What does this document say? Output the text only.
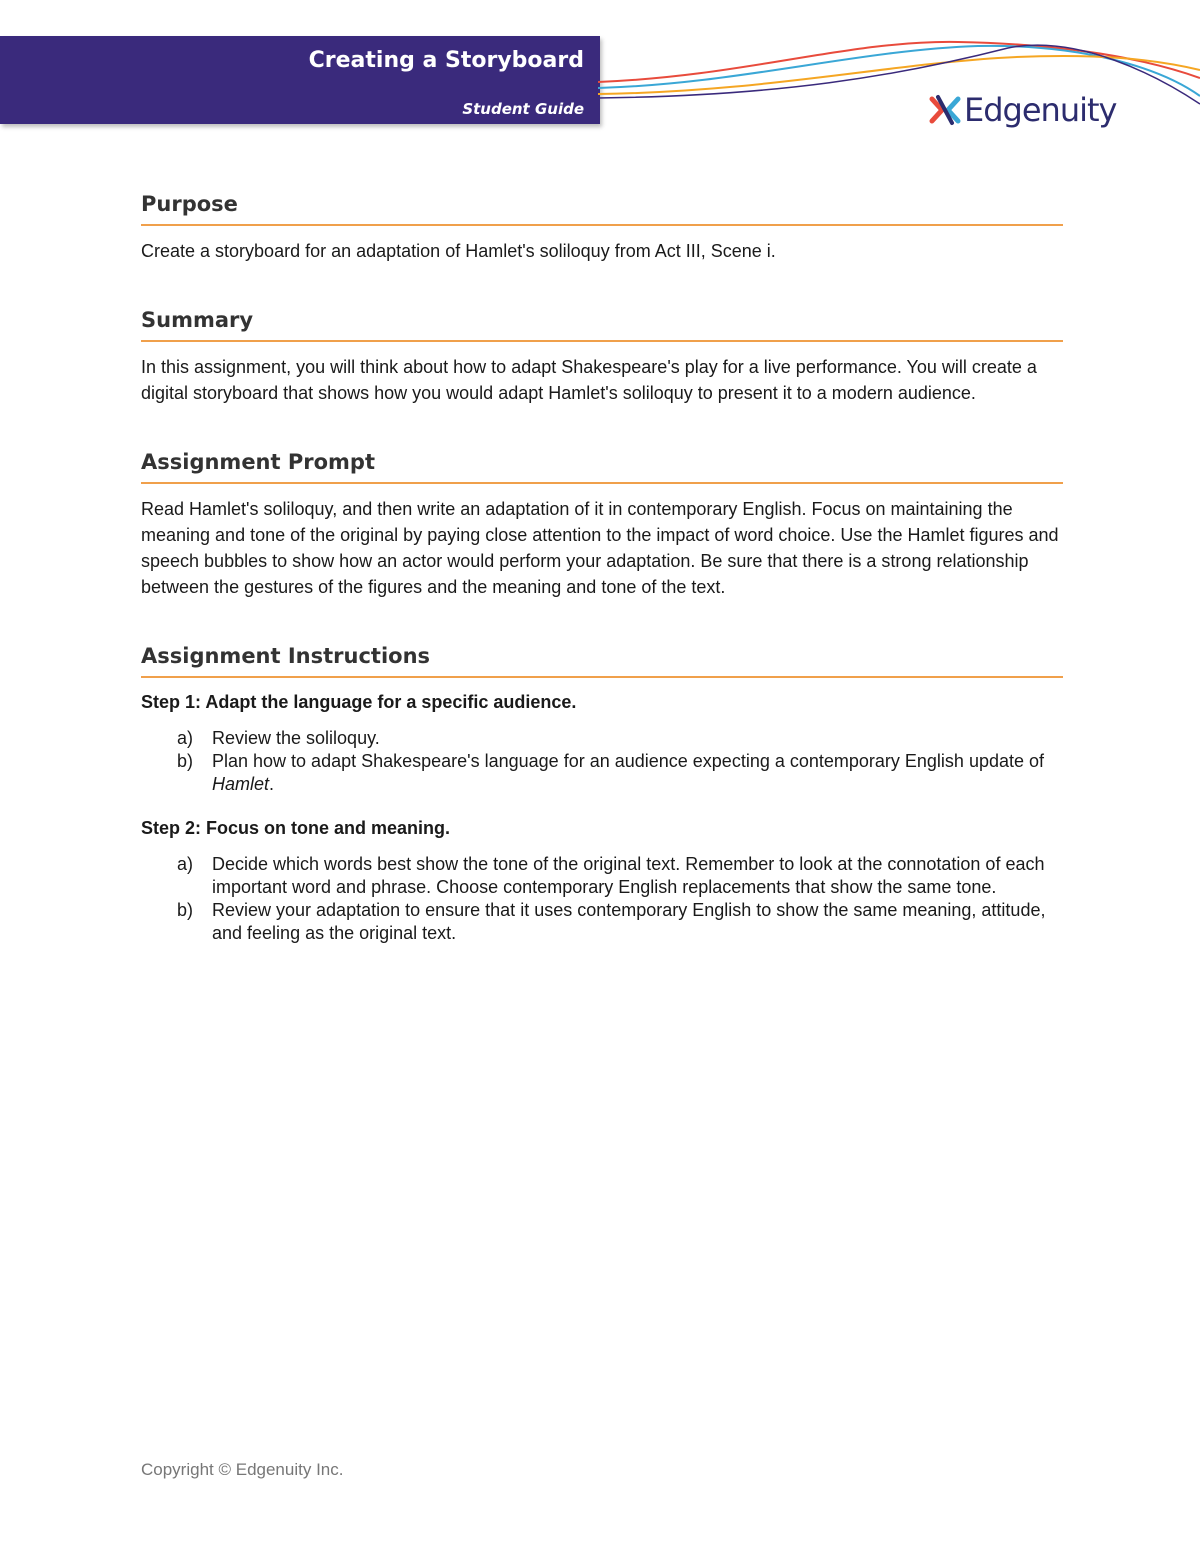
Creating a Storyboard
Student Guide	Edgenuity
Purpose

Create a storyboard for an adaptation of Hamlet's soliloquy from Act III, Scene i.

Summary

In this assignment, you will think about how to adapt Shakespeare's play for a live performance. You will create a digital storyboard that shows how you would adapt Hamlet's soliloquy to present it to a modern audience.

Assignment Prompt

Read Hamlet's soliloquy, and then write an adaptation of it in contemporary English. Focus on maintaining the meaning and tone of the original by paying close attention to the impact of word choice. Use the Hamlet figures and speech bubbles to show how an actor would perform your adaptation. Be sure that there is a strong relationship between the gestures of the figures and the meaning and tone of the text.

Assignment Instructions
Step 1: Adapt the language for a specific audience.
a)	Review the soliloquy.
b)	Plan how to adapt Shakespeare's language for an audience expecting a contemporary English update of Hamlet.
Step 2: Focus on tone and meaning.
a)	Decide which words best show the tone of the original text. Remember to look at the connotation of each important word and phrase. Choose contemporary English replacements that show the same tone.
b)	Review your adaptation to ensure that it uses contemporary English to show the same meaning, attitude, and feeling as the original text.
Copyright © Edgenuity Inc.
